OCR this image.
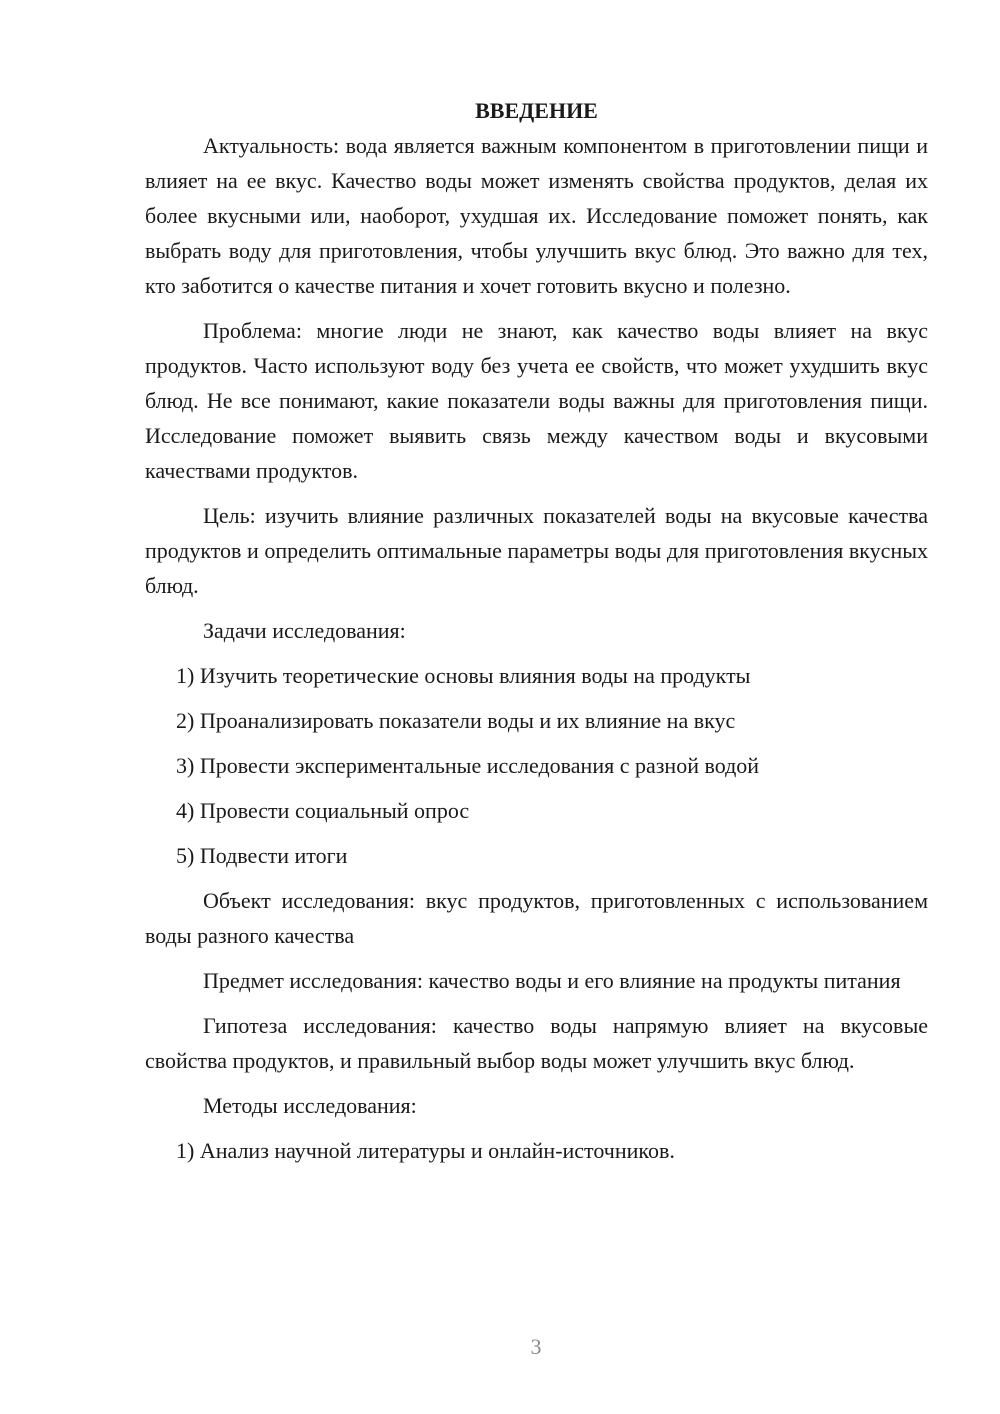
ВВЕДЕНИЕ

Актуальность: вода является важным компонентом в приготовлении пищи и влияет на ее вкус. Качество воды может изменять свойства продуктов, делая их более вкусными или, наоборот, ухудшая их. Исследование поможет понять, как выбрать воду для приготовления, чтобы улучшить вкус блюд. Это важно для тех, кто заботится о качестве питания и хочет готовить вкусно и полезно.

Проблема: многие люди не знают, как качество воды влияет на вкус продуктов. Часто используют воду без учета ее свойств, что может ухудшить вкус блюд. Не все понимают, какие показатели воды важны для приготовления пищи. Исследование поможет выявить связь между качеством воды и вкусовыми качествами продуктов.

Цель: изучить влияние различных показателей воды на вкусовые качества продуктов и определить оптимальные параметры воды для приготовления вкусных блюд.

Задачи исследования:

1) Изучить теоретические основы влияния воды на продукты
2) Проанализировать показатели воды и их влияние на вкус
3) Провести экспериментальные исследования с разной водой
4) Провести социальный опрос
5) Подвести итоги

Объект исследования: вкус продуктов, приготовленных с использованием воды разного качества

Предмет исследования: качество воды и его влияние на продукты питания

Гипотеза исследования: качество воды напрямую влияет на вкусовые свойства продуктов, и правильный выбор воды может улучшить вкус блюд.

Методы исследования:

1) Анализ научной литературы и онлайн-источников.
3
